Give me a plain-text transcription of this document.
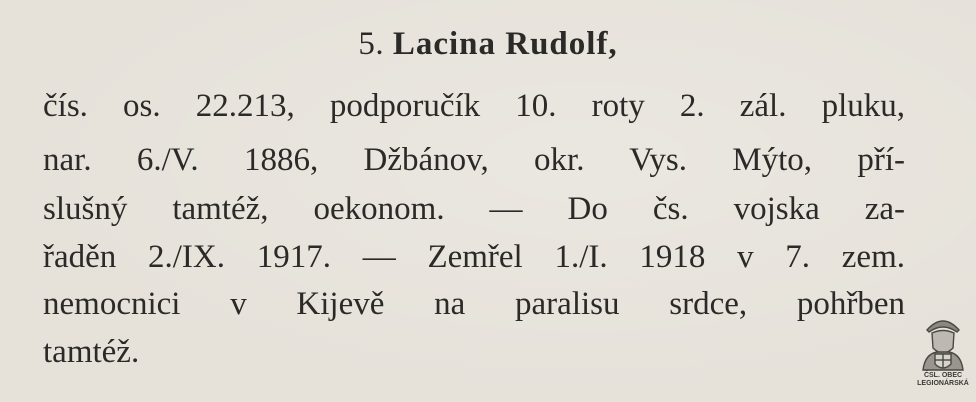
5. Lacina Rudolf,
čís. os. 22.213, podporučík 10. roty 2. zál. pluku,
nar. 6./V. 1886, Džbánov, okr. Vys. Mýto, pří-
slušný tamtéž, oekonom. — Do čs. vojska za-
řaděn 2./IX. 1917. — Zemřel 1./I. 1918 v 7. zem.
nemocnici v Kijevě na paralisu srdce, pohřben
tamtéž.
ČSL. OBEC
LEGIONÁRSKÁ
